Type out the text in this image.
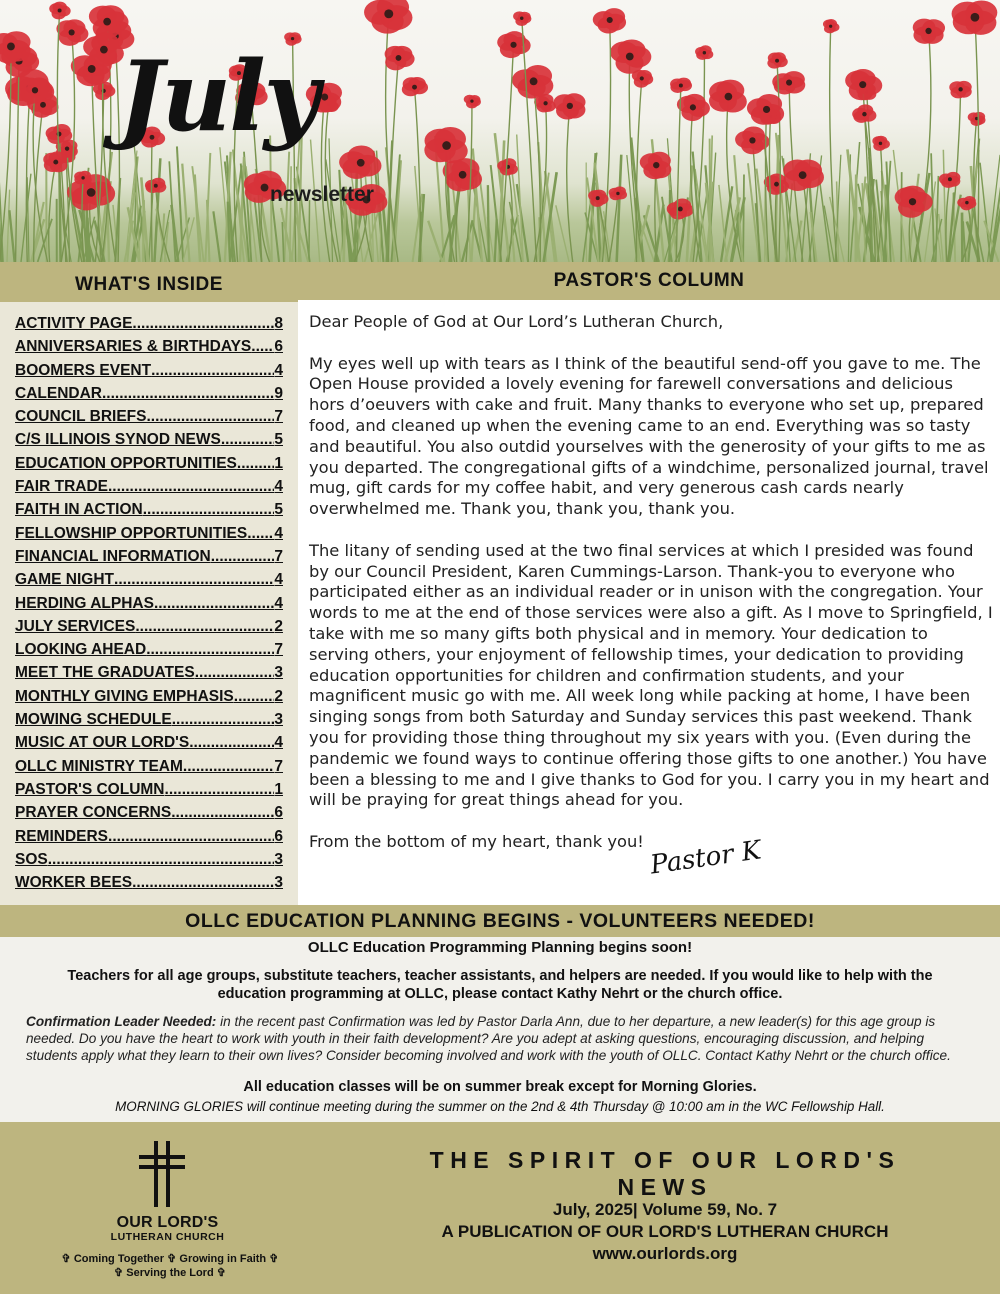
July
newsletter
WHAT'S INSIDE	PASTOR'S COLUMN
ACTIVITY PAGE .....	8
ANNIVERSARIES & BIRTHDAYS ..... 6
BOOMERS EVENT .....	4
CALENDAR .....	9
COUNCIL BRIEFS .....	7
C/S ILLINOIS SYNOD NEWS .....	5
EDUCATION OPPORTUNITIES ..... 1
FAIR TRADE .....	4
FAITH IN ACTION .....	5
FELLOWSHIP OPPORTUNITIES ..... 4
FINANCIAL INFORMATION .....	7
GAME NIGHT .....	4
HERDING ALPHAS .....	4
JULY SERVICES .....	2
LOOKING AHEAD .....	7
MEET THE GRADUATES .....	3
MONTHLY GIVING EMPHASIS .....	2
MOWING SCHEDULE .....	3
MUSIC AT OUR LORD'S .....	4
OLLC MINISTRY TEAM .....	7
PASTOR'S COLUMN .....	1
PRAYER CONCERNS .....	6
REMINDERS .....	6
SOS .....	3
WORKER BEES .....	3

Dear People of God at Our Lord’s Lutheran Church,

My eyes well up with tears as I think of the beautiful send-off you gave to me. The Open House provided a lovely evening for farewell conversations and delicious hors d’oeuvers with cake and fruit. Many thanks to everyone who set up, prepared food, and cleaned up when the evening came to an end. Everything was so tasty and beautiful. You also outdid yourselves with the generosity of your gifts to me as you departed. The congregational gifts of a windchime, personalized journal, travel mug, gift cards for my coffee habit, and very generous cash cards nearly overwhelmed me. Thank you, thank you, thank you.

The litany of sending used at the two final services at which I presided was found by our Council President, Karen Cummings-Larson. Thank-you to everyone who participated either as an individual reader or in unison with the congregation. Your words to me at the end of those services were also a gift. As I move to Springfield, I take with me so many gifts both physical and in memory. Your dedication to serving others, your enjoyment of fellowship times, your dedication to providing education opportunities for children and confirmation students, and your magnificent music go with me. All week long while packing at home, I have been singing songs from both Saturday and Sunday services this past weekend. Thank you for providing those thing throughout my six years with you. (Even during the pandemic we found ways to continue offering those gifts to one another.) You have been a blessing to me and I give thanks to God for you. I carry you in my heart and will be praying for great things ahead for you.

From the bottom of my heart, thank you! Pastor K
OLLC EDUCATION PLANNING BEGINS - VOLUNTEERS NEEDED!
OLLC Education Programming Planning begins soon!
Teachers for all age groups, substitute teachers, teacher assistants, and helpers are needed. If you would like to help with the education programming at OLLC, please contact Kathy Nehrt or the church office.
Confirmation Leader Needed: in the recent past Confirmation was led by Pastor Darla Ann, due to her departure, a new leader(s) for this age group is needed. Do you have the heart to work with youth in their faith development? Are you adept at asking questions, encouraging discussion, and helping students apply what they learn to their own lives? Consider becoming involved and work with the youth of OLLC. Contact Kathy Nehrt or the church office.
All education classes will be on summer break except for Morning Glories.
MORNING GLORIES will continue meeting during the summer on the 2nd & 4th Thursday @ 10:00 am in the WC Fellowship Hall.
OUR LORD'S
LUTHERAN CHURCH
✞ Coming Together ✞ Growing in Faith ✞
✞ Serving the Lord ✞
THE SPIRIT OF OUR LORD'S NEWS
July, 2025| Volume 59, No. 7
A PUBLICATION OF OUR LORD'S LUTHERAN CHURCH
www.ourlords.org
